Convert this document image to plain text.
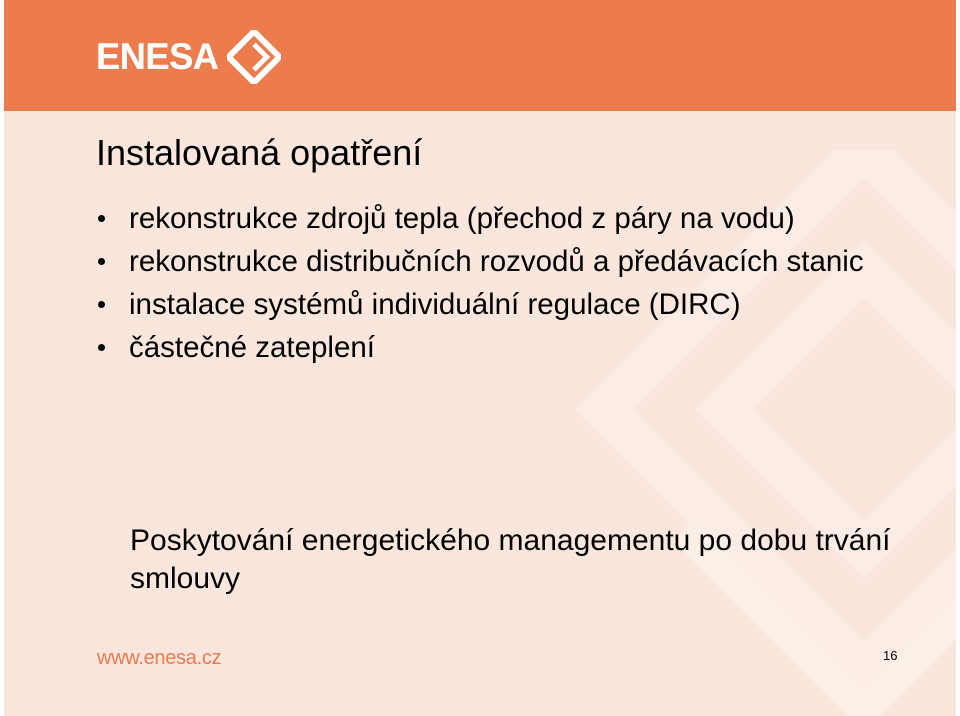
ENESA
Instalovaná opatření
rekonstrukce zdrojů tepla (přechod z páry na vodu)
rekonstrukce distribučních rozvodů a předávacích stanic
instalace systémů individuální regulace (DIRC)
částečné zateplení

Poskytování energetického managementu po dobu trvání smlouvy

www.enesa.cz	16
